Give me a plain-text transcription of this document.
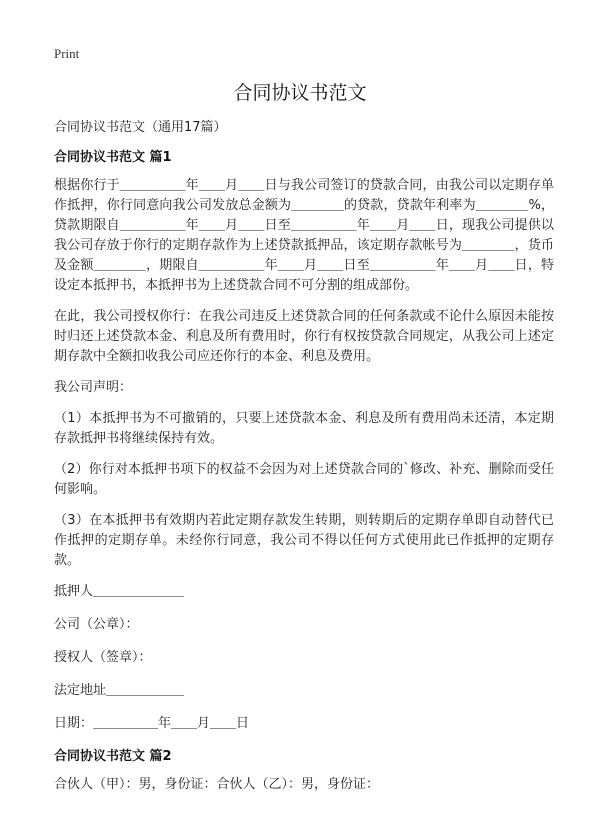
Print
合同协议书范文

合同协议书范文（通用17篇）

合同协议书范文 篇1

根据你行于＿＿＿＿＿年＿＿月＿＿日与我公司签订的贷款合同，由我公司以定期存单作抵押，你行同意向我公司发放总金额为＿＿＿＿的贷款，贷款年利率为＿＿＿＿%，贷款期限自＿＿＿＿＿年＿＿月＿＿日至＿＿＿＿＿年＿＿月＿＿日，现我公司提供以我公司存放于你行的定期存款作为上述贷款抵押品，该定期存款帐号为＿＿＿＿，货币及金额＿＿＿＿，期限自＿＿＿＿＿年＿＿月＿＿日至＿＿＿＿＿年＿＿月＿＿日，特设定本抵押书，本抵押书为上述贷款合同不可分割的组成部份。

在此，我公司授权你行：在我公司违反上述贷款合同的任何条款或不论什么原因未能按时归还上述贷款本金、利息及所有费用时，你行有权按贷款合同规定，从我公司上述定期存款中全额扣收我公司应还你行的本金、利息及费用。

我公司声明：

（1）本抵押书为不可撤销的，只要上述贷款本金、利息及所有费用尚未还清，本定期存款抵押书将继续保持有效。

（2）你行对本抵押书项下的权益不会因为对上述贷款合同的`修改、补充、删除而受任何影响。

（3）在本抵押书有效期内若此定期存款发生转期，则转期后的定期存单即自动替代已作抵押的定期存单。未经你行同意，我公司不得以任何方式使用此已作抵押的定期存款。

抵押人＿＿＿＿＿＿＿

公司（公章）：

授权人（签章）：

法定地址＿＿＿＿＿＿

日期：＿＿＿＿＿年＿＿月＿＿日

合同协议书范文 篇2

合伙人（甲）：男，身份证：合伙人（乙）：男，身份证：
